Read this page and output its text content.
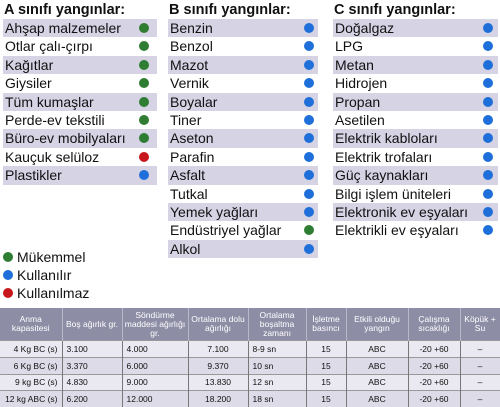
A sınıfı yangınlar:
Ahşap malzemeler
Otlar çalı-çırpı
Kağıtlar
Giysiler
Tüm kumaşlar
Perde-ev tekstili
Büro-ev mobilyaları
Kauçuk selüloz
Plastikler
B sınıfı yangınlar:
Benzin
Benzol
Mazot
Vernik
Boyalar
Tiner
Aseton
Parafin
Asfalt
Tutkal
Yemek yağları
Endüstriyel yağlar
Alkol
C sınıfı yangınlar:
Doğalgaz
LPG
Metan
Hidrojen
Propan
Asetilen
Elektrik kabloları
Elektrik trofaları
Güç kaynakları
Bilgi işlem üniteleri
Elektronik ev eşyaları
Elektrikli ev eşyaları
Mükemmel
Kullanılır
Kullanılmaz
Anma kapasitesi	Boş ağırlık gr.	Söndürme maddesi ağırlığı gr.	Ortalama dolu ağırlığı	Ortalama boşaltma zamanı	İşletme basıncı	Etkili olduğu yangın	Çalışma sıcaklığı	Köpük + Su
4 Kg BC (s)	3.100	4.000	7.100	8-9 sn	15	ABC	-20 +60	–
6 Kg BC (s)	3.370	6.000	9.370	10 sn	15	ABC	-20 +60	–
9 kg BC (s)	4.830	9.000	13.830	12 sn	15	ABC	-20 +60	–
12 kg ABC (s)	6.200	12.000	18.200	18 sn	15	ABC	-20 +60	–
